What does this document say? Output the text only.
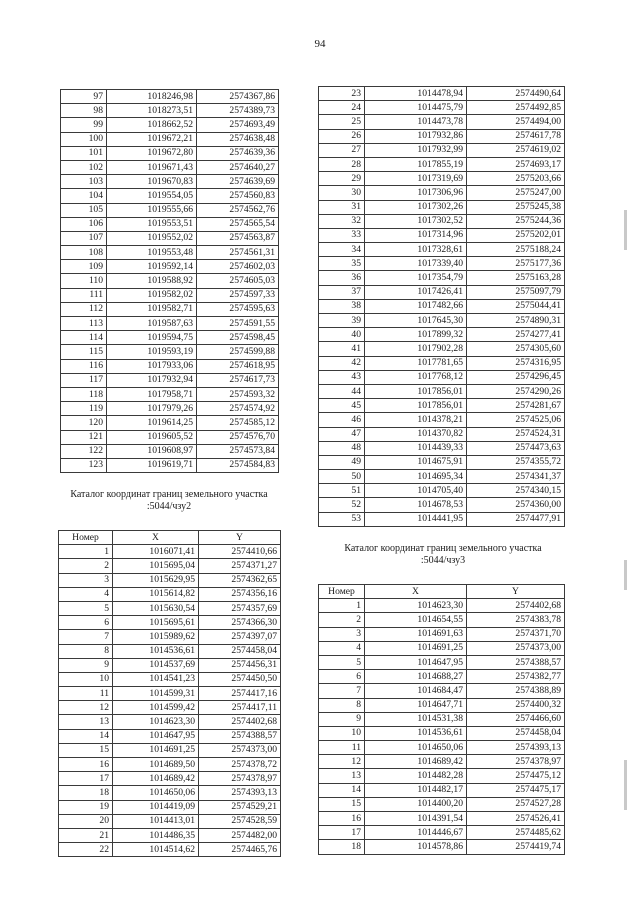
94
97	1018246,98	2574367,86
98	1018273,51	2574389,73
99	1018662,52	2574693,49
100	1019672,21	2574638,48
101	1019672,80	2574639,36
102	1019671,43	2574640,27
103	1019670,83	2574639,69
104	1019554,05	2574560,83
105	1019555,66	2574562,76
106	1019553,51	2574565,54
107	1019552,02	2574563,87
108	1019553,48	2574561,31
109	1019592,14	2574602,03
110	1019588,92	2574605,03
111	1019582,02	2574597,33
112	1019582,71	2574595,63
113	1019587,63	2574591,55
114	1019594,75	2574598,45
115	1019593,19	2574599,88
116	1017933,06	2574618,95
117	1017932,94	2574617,73
118	1017958,71	2574593,32
119	1017979,26	2574574,92
120	1019614,25	2574585,12
121	1019605,52	2574576,70
122	1019608,97	2574573,84
123	1019619,71	2574584,83
Каталог координат границ земельного участка :5044/чзу2
Номер	X	Y
1	1016071,41	2574410,66
2	1015695,04	2574371,27
3	1015629,95	2574362,65
4	1015614,82	2574356,16
5	1015630,54	2574357,69
6	1015695,61	2574366,30
7	1015989,62	2574397,07
8	1014536,61	2574458,04
9	1014537,69	2574456,31
10	1014541,23	2574450,50
11	1014599,31	2574417,16
12	1014599,42	2574417,11
13	1014623,30	2574402,68
14	1014647,95	2574388,57
15	1014691,25	2574373,00
16	1014689,50	2574378,72
17	1014689,42	2574378,97
18	1014650,06	2574393,13
19	1014419,09	2574529,21
20	1014413,01	2574528,59
21	1014486,35	2574482,00
22	1014514,62	2574465,76
23	1014478,94	2574490,64
24	1014475,79	2574492,85
25	1014473,78	2574494,00
26	1017932,86	2574617,78
27	1017932,99	2574619,02
28	1017855,19	2574693,17
29	1017319,69	2575203,66
30	1017306,96	2575247,00
31	1017302,26	2575245,38
32	1017302,52	2575244,36
33	1017314,96	2575202,01
34	1017328,61	2575188,24
35	1017339,40	2575177,36
36	1017354,79	2575163,28
37	1017426,41	2575097,79
38	1017482,66	2575044,41
39	1017645,30	2574890,31
40	1017899,32	2574277,41
41	1017902,28	2574305,60
42	1017781,65	2574316,95
43	1017768,12	2574296,45
44	1017856,01	2574290,26
45	1017856,01	2574281,67
46	1014378,21	2574525,06
47	1014370,82	2574524,31
48	1014439,33	2574473,63
49	1014675,91	2574355,72
50	1014695,34	2574341,37
51	1014705,40	2574340,15
52	1014678,53	2574360,00
53	1014441,95	2574477,91
Каталог координат границ земельного участка :5044/чзу3
Номер	X	Y
1	1014623,30	2574402,68
2	1014654,55	2574383,78
3	1014691,63	2574371,70
4	1014691,25	2574373,00
5	1014647,95	2574388,57
6	1014688,27	2574382,77
7	1014684,47	2574388,89
8	1014647,71	2574400,32
9	1014531,38	2574466,60
10	1014536,61	2574458,04
11	1014650,06	2574393,13
12	1014689,42	2574378,97
13	1014482,28	2574475,12
14	1014482,17	2574475,17
15	1014400,20	2574527,28
16	1014391,54	2574526,41
17	1014446,67	2574485,62
18	1014578,86	2574419,74
